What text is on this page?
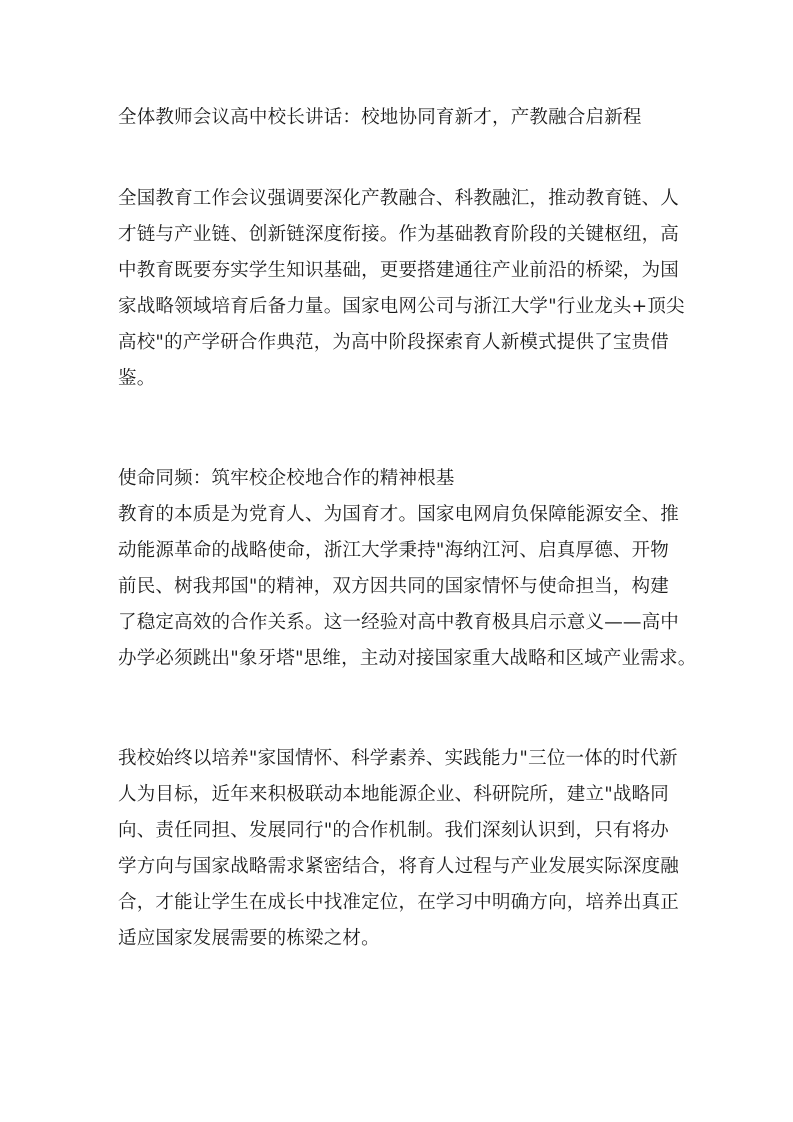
全体教师会议高中校长讲话：校地协同育新才，产教融合启新程
全国教育工作会议强调要深化产教融合、科教融汇，推动教育链、人
才链与产业链、创新链深度衔接。作为基础教育阶段的关键枢纽，高
中教育既要夯实学生知识基础，更要搭建通往产业前沿的桥梁，为国
家战略领域培育后备力量。国家电网公司与浙江大学"行业龙头+顶尖
高校"的产学研合作典范，为高中阶段探索育人新模式提供了宝贵借
鉴。
使命同频：筑牢校企校地合作的精神根基
教育的本质是为党育人、为国育才。国家电网肩负保障能源安全、推
动能源革命的战略使命，浙江大学秉持"海纳江河、启真厚德、开物
前民、树我邦国"的精神，双方因共同的国家情怀与使命担当，构建
了稳定高效的合作关系。这一经验对高中教育极具启示意义——高中
办学必须跳出"象牙塔"思维，主动对接国家重大战略和区域产业需求。
我校始终以培养"家国情怀、科学素养、实践能力"三位一体的时代新
人为目标，近年来积极联动本地能源企业、科研院所，建立"战略同
向、责任同担、发展同行"的合作机制。我们深刻认识到，只有将办
学方向与国家战略需求紧密结合，将育人过程与产业发展实际深度融
合，才能让学生在成长中找准定位，在学习中明确方向，培养出真正
适应国家发展需要的栋梁之材。
